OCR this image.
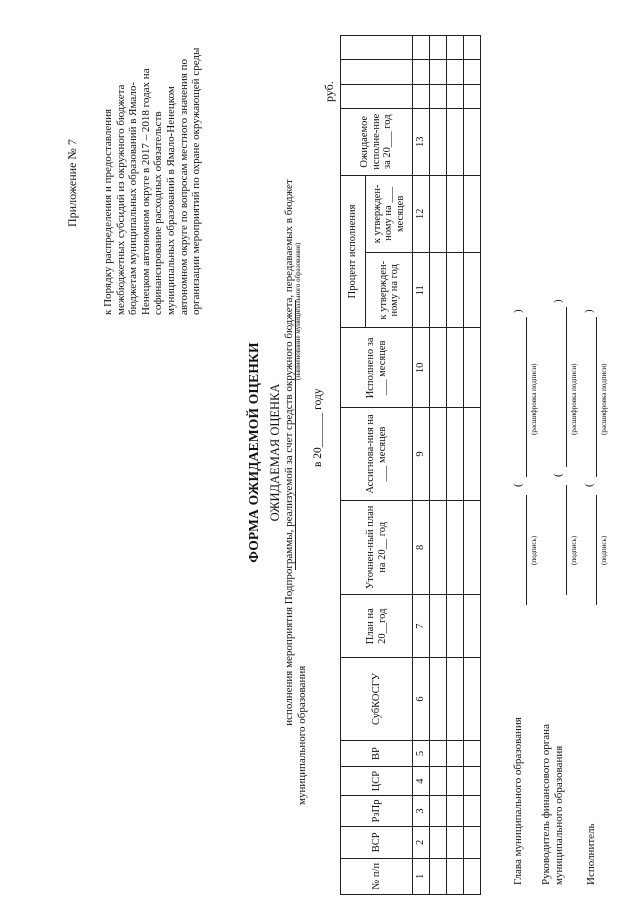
Приложение № 7 к Порядку распределения и предоставления межбюджетных субсидий из окружного бюджета бюджетам муниципальных образований в Ямало-Ненецком автономном округе в 2017 – 2018 годах на софинансирование расходных обязательств муниципальных образований в Ямало-Ненецком автономном округе по вопросам местного значения по организации мероприятий по охране окружающей среды
ФОРМА ОЖИДАЕМОЙ ОЦЕНКИ ОЖИДАЕМАЯ ОЦЕНКА исполнения мероприятия Подпрограммы, реализуемой за счет средств окружного бюджета, передаваемых в бюджет
муниципального образования
(наименование муниципального образования)
в 20______ году
руб.
№ п/п	ВСР	РзПр	ЦСР	ВР	СубКОСГУ	План на 20__год	Уточнен-ный план на 20__ год	Ассигнова-ния на ___ месяцев	Исполнено за ___ месяцев	Процент исполнения		Ожидаемое исполне-ние за 20___ год			
										к утвержден-ному на год	к утвержден-ному на ___ месяцев				
1	2	3	4	5	6	7	8	9	10	11	12	13			

Глава муниципального образования
(подпись)
(
)
(расшифровка подписи)
Руководитель финансового органа муниципального образования
(подпись)
(
)
(расшифровка подписи)
Исполнитель
(подпись)
(
)
(расшифровка подписи)
